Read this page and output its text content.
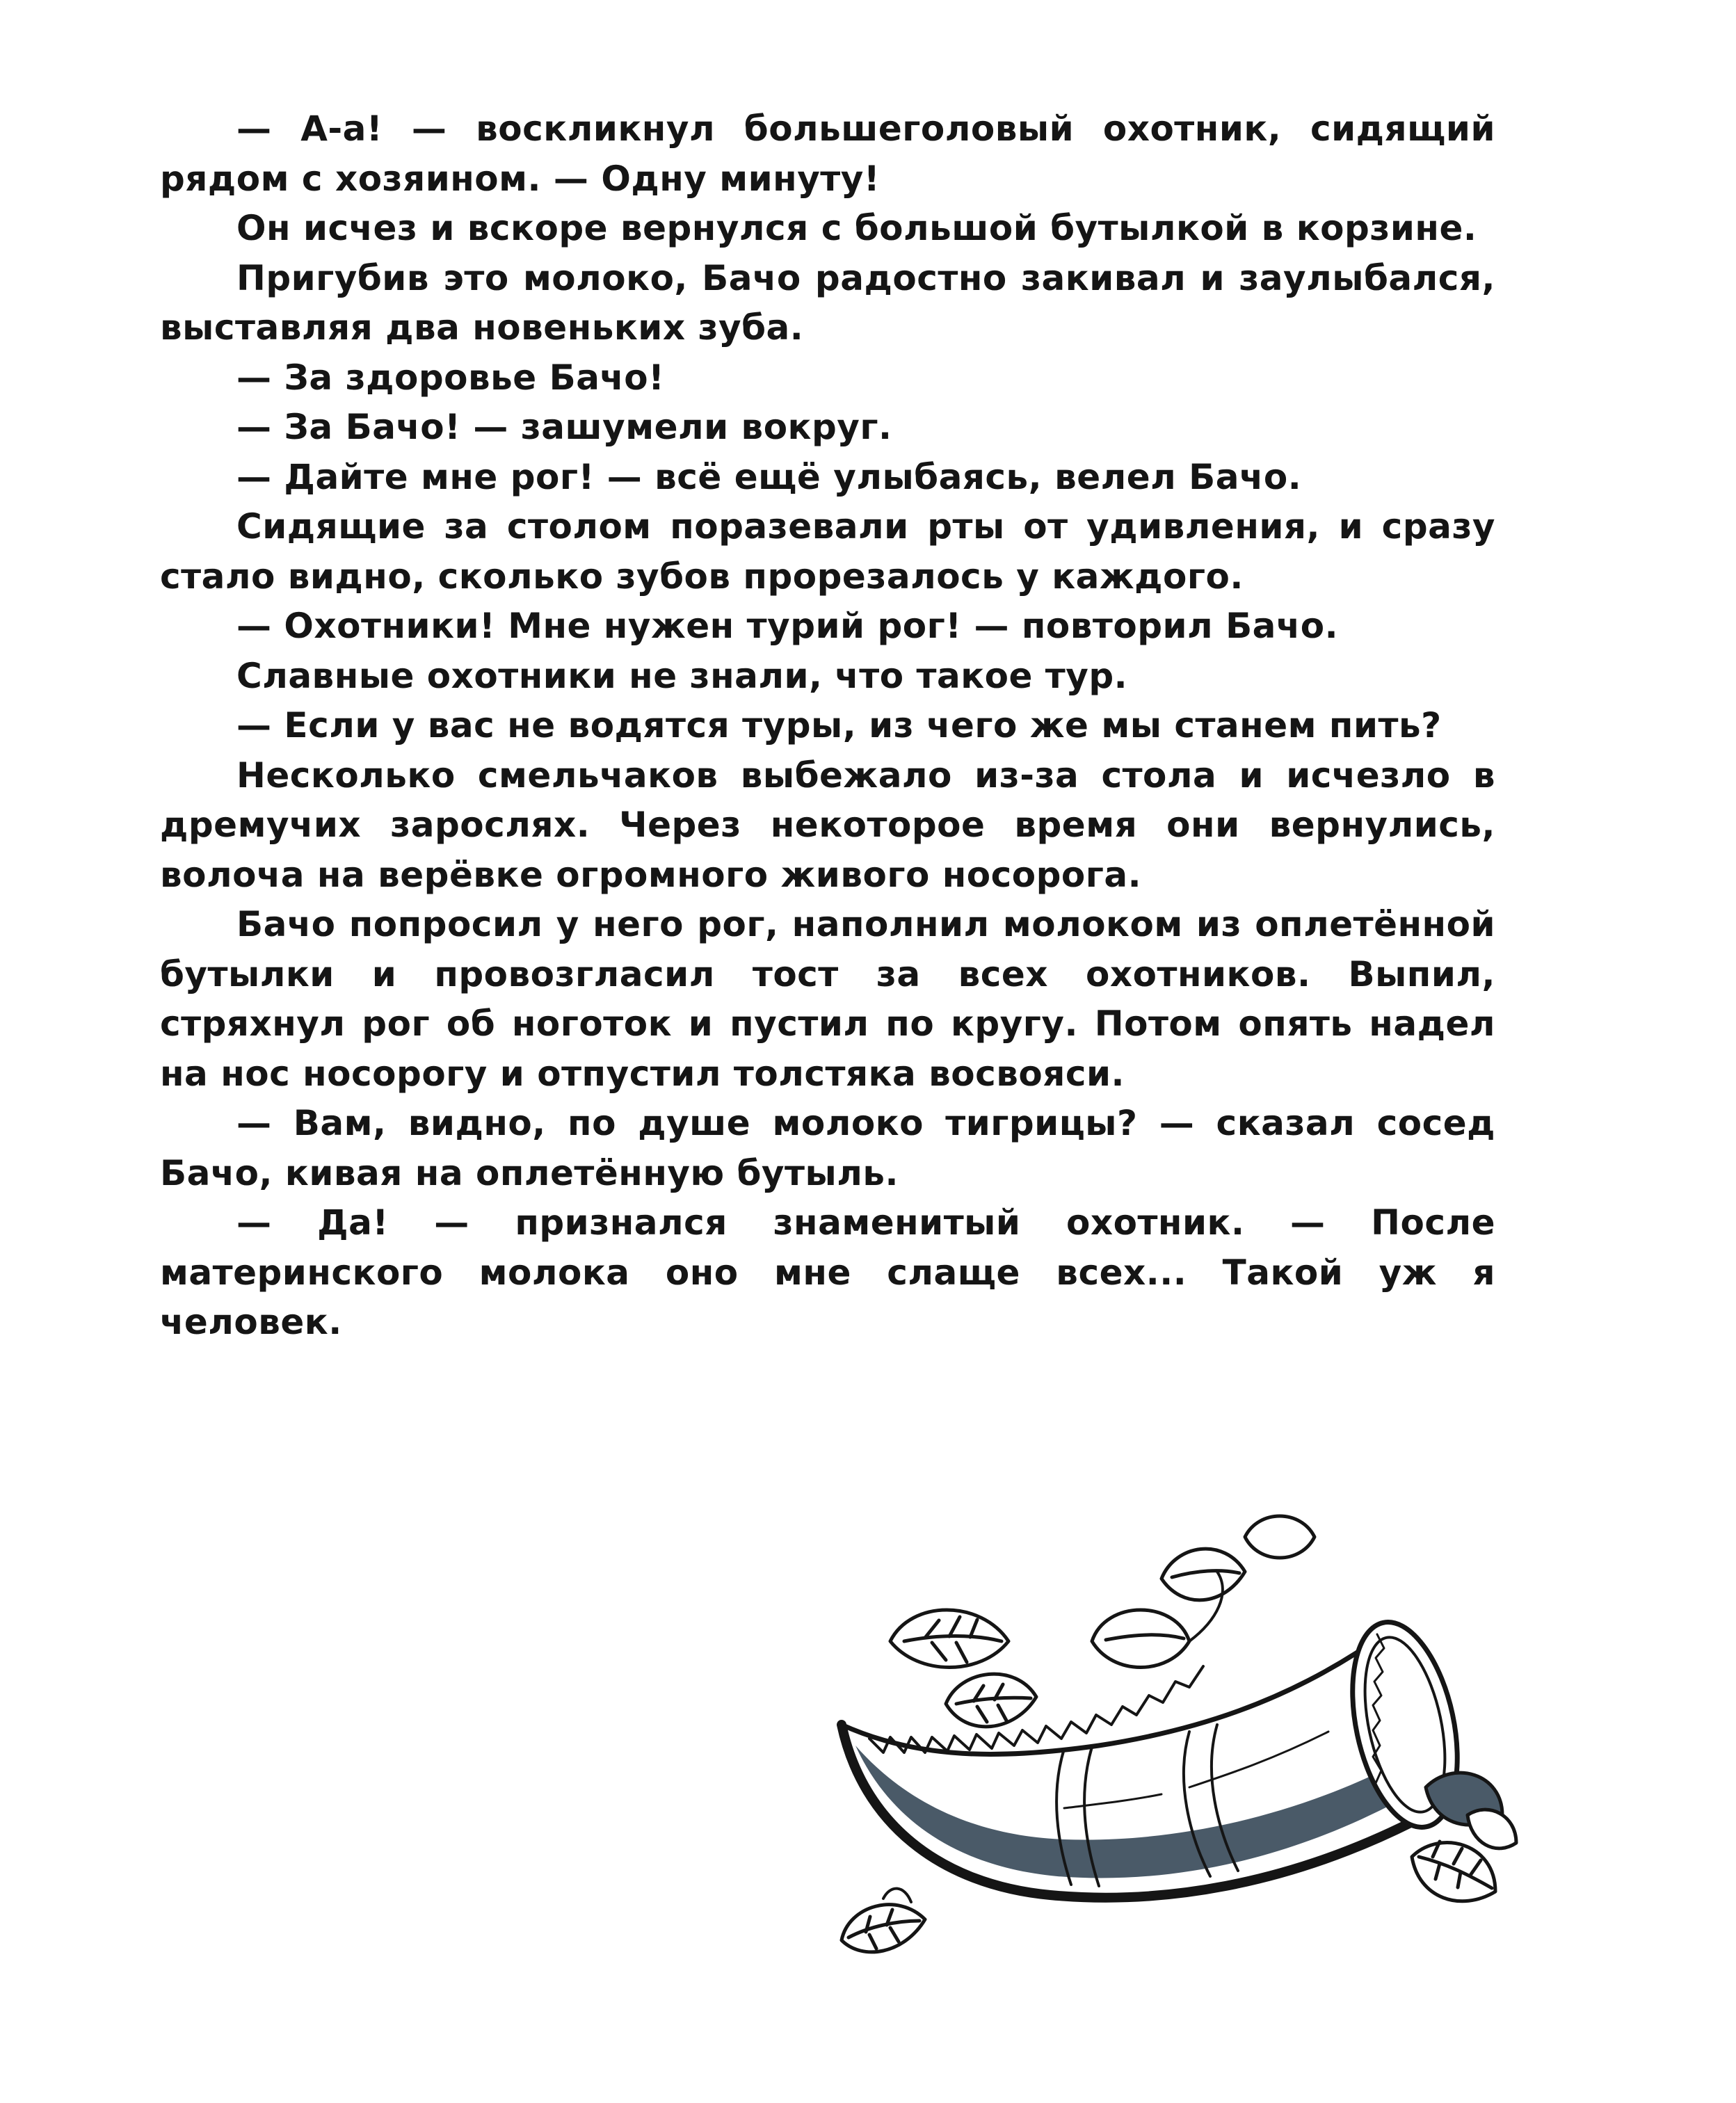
— А-а! — воскликнул большеголовый охотник, сидящий рядом с хозяином. — Одну минуту!

Он исчез и вскоре вернулся с большой бутылкой в корзине.

Пригубив это молоко, Бачо радостно закивал и заулыбался, выставляя два новеньких зуба.

— За здоровье Бачо!

— За Бачо! — зашумели вокруг.

— Дайте мне рог! — всё ещё улыбаясь, велел Бачо.

Сидящие за столом поразевали рты от удивления, и сразу стало видно, сколько зубов прорезалось у каждого.

— Охотники! Мне нужен турий рог! — повторил Бачо.

Славные охотники не знали, что такое тур.

— Если у вас не водятся туры, из чего же мы станем пить?

Несколько смельчаков выбежало из-за стола и исчезло в дремучих зарослях. Через некоторое время они вернулись, волоча на верёвке огромного живого носорога.

Бачо попросил у него рог, наполнил молоком из оплетённой бутылки и провозгласил тост за всех охотников. Выпил, стряхнул рог об ноготок и пустил по кругу. Потом опять надел на нос носорогу и отпустил толстяка восвояси.

— Вам, видно, по душе молоко тигрицы? — сказал сосед Бачо, кивая на оплетённую бутыль.

— Да! — признался знаменитый охотник. — После материнского молока оно мне слаще всех... Такой уж я человек.
